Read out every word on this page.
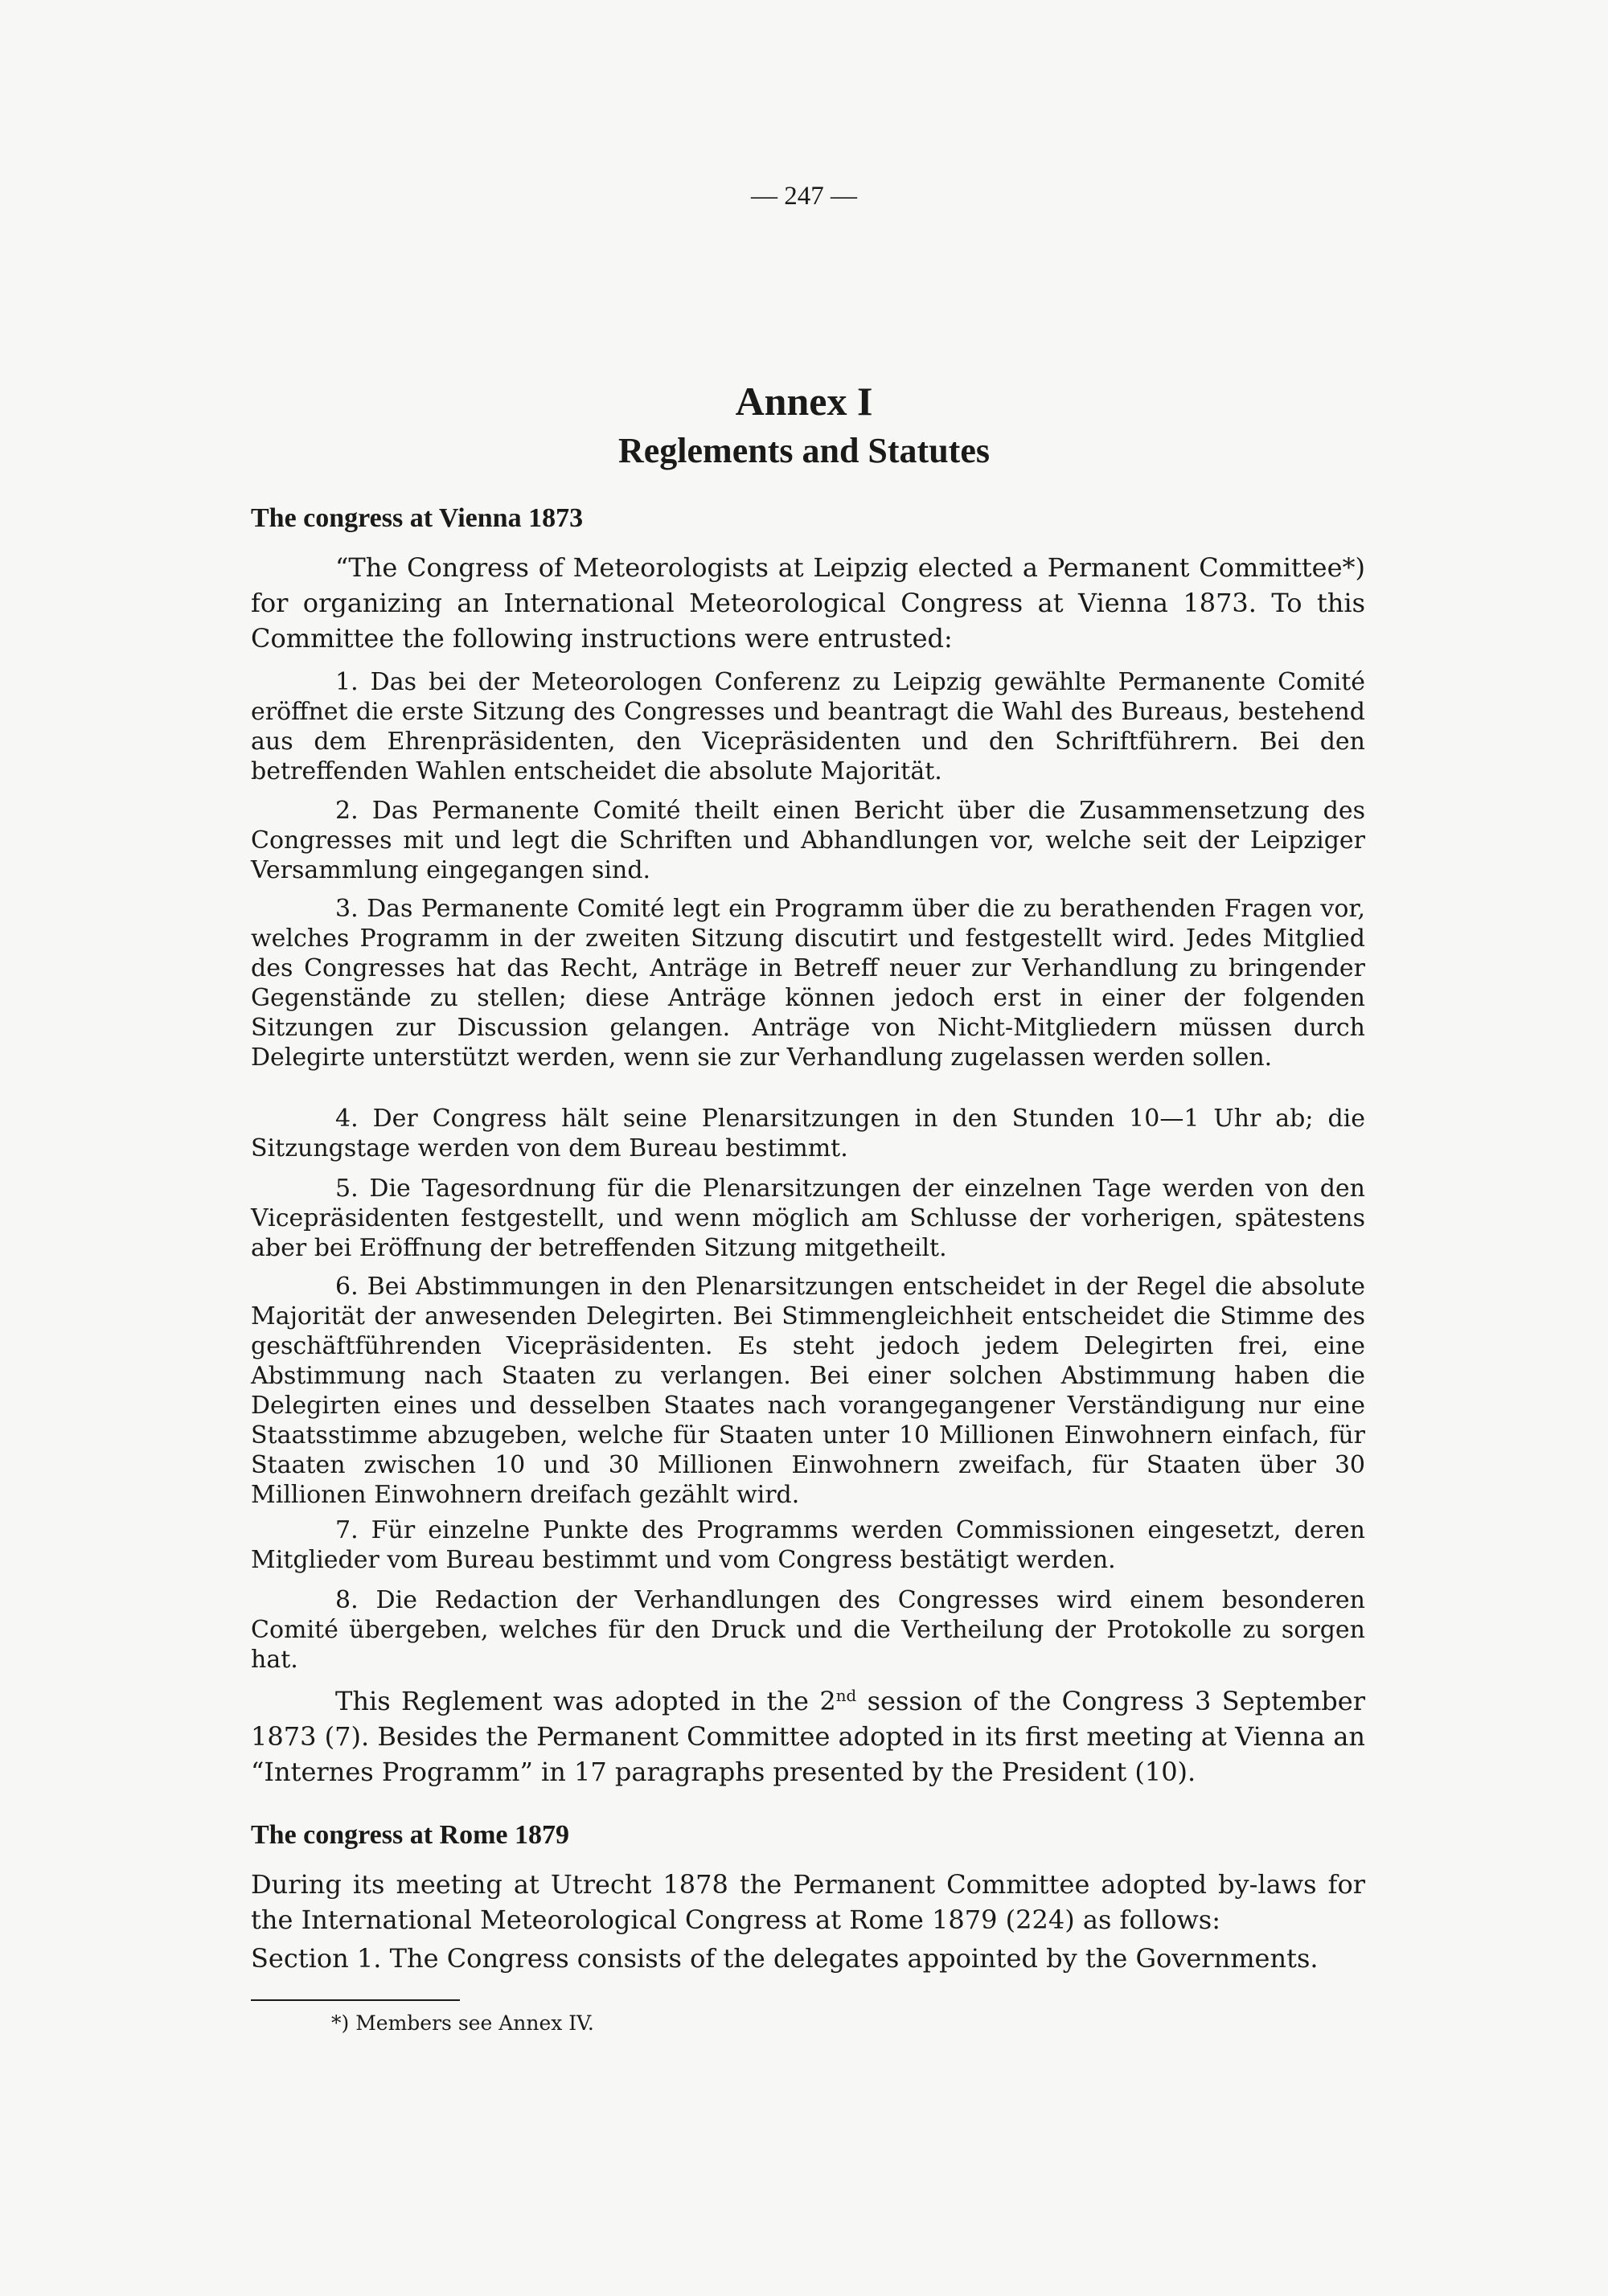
— 247 —
Annex I
Reglements and Statutes
The congress at Vienna 1873
“The Congress of Meteorologists at Leipzig elected a Permanent Committee*) for organizing an International Meteorological Congress at Vienna 1873. To this Committee the following instructions were entrusted:
1. Das bei der Meteorologen Conferenz zu Leipzig gewählte Permanente Comité eröffnet die erste Sitzung des Congresses und beantragt die Wahl des Bureaus, bestehend aus dem Ehrenpräsidenten, den Vicepräsidenten und den Schriftführern. Bei den betreffenden Wahlen entscheidet die absolute Majorität.
2. Das Permanente Comité theilt einen Bericht über die Zusammensetzung des Congresses mit und legt die Schriften und Abhandlungen vor, welche seit der Leipziger Versammlung eingegangen sind.
3. Das Permanente Comité legt ein Programm über die zu berathenden Fragen vor, welches Programm in der zweiten Sitzung discutirt und festgestellt wird. Jedes Mitglied des Congresses hat das Recht, Anträge in Betreff neuer zur Verhandlung zu bringender Gegenstände zu stellen; diese Anträge können jedoch erst in einer der folgenden Sitzungen zur Discussion gelangen. Anträge von Nicht-Mitgliedern müssen durch Delegirte unterstützt werden, wenn sie zur Verhandlung zugelassen werden sollen.
4. Der Congress hält seine Plenarsitzungen in den Stunden 10—1 Uhr ab; die Sitzungstage werden von dem Bureau bestimmt.
5. Die Tagesordnung für die Plenarsitzungen der einzelnen Tage werden von den Vicepräsidenten festgestellt, und wenn möglich am Schlusse der vorherigen, spätestens aber bei Eröffnung der betreffenden Sitzung mitgetheilt.
6. Bei Abstimmungen in den Plenarsitzungen entscheidet in der Regel die absolute Majorität der anwesenden Delegirten. Bei Stimmengleichheit entscheidet die Stimme des geschäftführenden Vicepräsidenten. Es steht jedoch jedem Delegirten frei, eine Abstimmung nach Staaten zu verlangen. Bei einer solchen Abstimmung haben die Delegirten eines und desselben Staates nach vorangegangener Verständigung nur eine Staatsstimme abzugeben, welche für Staaten unter 10 Millionen Einwohnern einfach, für Staaten zwischen 10 und 30 Millionen Einwohnern zweifach, für Staaten über 30 Millionen Einwohnern dreifach gezählt wird.
7. Für einzelne Punkte des Programms werden Commissionen eingesetzt, deren Mitglieder vom Bureau bestimmt und vom Congress bestätigt werden.
8. Die Redaction der Verhandlungen des Congresses wird einem besonderen Comité übergeben, welches für den Druck und die Vertheilung der Protokolle zu sorgen hat.
This Reglement was adopted in the 2nd session of the Congress 3 September 1873 (7). Besides the Permanent Committee adopted in its first meeting at Vienna an “Internes Programm” in 17 paragraphs presented by the President (10).
The congress at Rome 1879
During its meeting at Utrecht 1878 the Permanent Committee adopted by-laws for the International Meteorological Congress at Rome 1879 (224) as follows:
Section 1. The Congress consists of the delegates appointed by the Governments.
*) Members see Annex IV.
